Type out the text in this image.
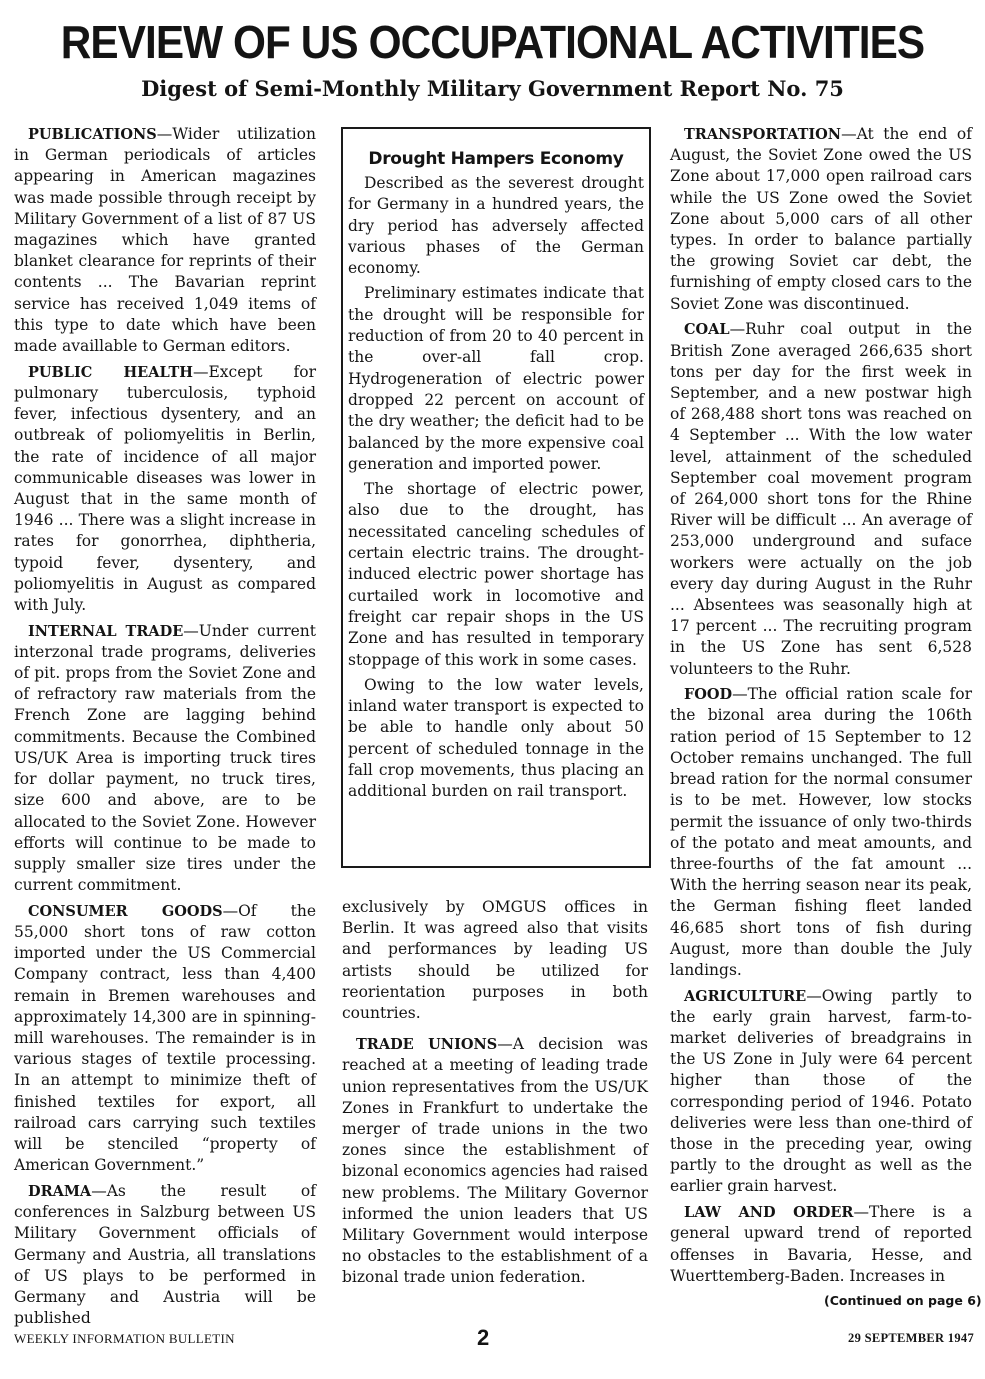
REVIEW OF US OCCUPATIONAL ACTIVITIES
Digest of Semi-Monthly Military Government Report No. 75

PUBLICATIONS—Wider utilization in German periodicals of articles appearing in American magazines was made possible through receipt by Military Government of a list of 87 US magazines which have granted blanket clearance for reprints of their contents ... The Bavarian reprint service has received 1,049 items of this type to date which have been made availlable to German editors.

PUBLIC HEALTH—Except for pulmonary tuberculosis, typhoid fever, infectious dysentery, and an outbreak of poliomyelitis in Berlin, the rate of incidence of all major communicable diseases was lower in August that in the same month of 1946 ... There was a slight increase in rates for gonorrhea, diphtheria, typoid fever, dysentery, and poliomyelitis in August as compared with July.

INTERNAL TRADE—Under current interzonal trade programs, deliveries of pit. props from the Soviet Zone and of refractory raw materials from the French Zone are lagging behind commitments. Because the Combined US/UK Area is importing truck tires for dollar payment, no truck tires, size 600 and above, are to be allocated to the Soviet Zone. However efforts will continue to be made to supply smaller size tires under the current commitment.

CONSUMER GOODS—Of the 55,000 short tons of raw cotton imported under the US Commercial Company contract, less than 4,400 remain in Bremen warehouses and approximately 14,300 are in spinning-mill warehouses. The remainder is in various stages of textile processing. In an attempt to minimize theft of finished textiles for export, all railroad cars carrying such textiles will be stenciled “property of American Government.”

DRAMA—As the result of conferences in Salzburg between US Military Government officials of Germany and Austria, all translations of US plays to be performed in Germany and Austria will be published

Drought Hampers Economy

Described as the severest drought for Germany in a hundred years, the dry period has adversely affected various phases of the German economy.

Preliminary estimates indicate that the drought will be responsible for reduction of from 20 to 40 percent in the over-all fall crop. Hydrogeneration of electric power dropped 22 percent on account of the dry weather; the deficit had to be balanced by the more expensive coal generation and imported power.

The shortage of electric power, also due to the drought, has necessitated canceling schedules of certain electric trains. The drought-induced electric power shortage has curtailed work in locomotive and freight car repair shops in the US Zone and has resulted in temporary stoppage of this work in some cases.

Owing to the low water levels, inland water transport is expected to be able to handle only about 50 percent of scheduled tonnage in the fall crop movements, thus placing an additional burden on rail transport.

exclusively by OMGUS offices in Berlin. It was agreed also that visits and performances by leading US artists should be utilized for reorientation purposes in both countries.

TRADE UNIONS—A decision was reached at a meeting of leading trade union representatives from the US/UK Zones in Frankfurt to undertake the merger of trade unions in the two zones since the establishment of bizonal economics agencies had raised new problems. The Military Governor informed the union leaders that US Military Government would interpose no obstacles to the establishment of a bizonal trade union federation.

TRANSPORTATION—At the end of August, the Soviet Zone owed the US Zone about 17,000 open railroad cars while the US Zone owed the Soviet Zone about 5,000 cars of all other types. In order to balance partially the growing Soviet car debt, the furnishing of empty closed cars to the Soviet Zone was discontinued.

COAL—Ruhr coal output in the British Zone averaged 266,635 short tons per day for the first week in September, and a new postwar high of 268,488 short tons was reached on 4 September ... With the low water level, attainment of the scheduled September coal movement program of 264,000 short tons for the Rhine River will be difficult ... An average of 253,000 underground and suface workers were actually on the job every day during August in the Ruhr ... Absentees was seasonally high at 17 percent ... The recruiting program in the US Zone has sent 6,528 volunteers to the Ruhr.

FOOD—The official ration scale for the bizonal area during the 106th ration period of 15 September to 12 October remains unchanged. The full bread ration for the normal consumer is to be met. However, low stocks permit the issuance of only two-thirds of the potato and meat amounts, and three-fourths of the fat amount ... With the herring season near its peak, the German fishing fleet landed 46,685 short tons of fish during August, more than double the July landings.

AGRICULTURE—Owing partly to the early grain harvest, farm-to-market deliveries of breadgrains in the US Zone in July were 64 percent higher than those of the corresponding period of 1946. Potato deliveries were less than one-third of those in the preceding year, owing partly to the drought as well as the earlier grain harvest.

LAW AND ORDER—There is a general upward trend of reported offenses in Bavaria, Hesse, and Wuerttemberg-Baden. Increases in

(Continued on page 6)
WEEKLY INFORMATION BULLETIN	2	29 SEPTEMBER 1947
